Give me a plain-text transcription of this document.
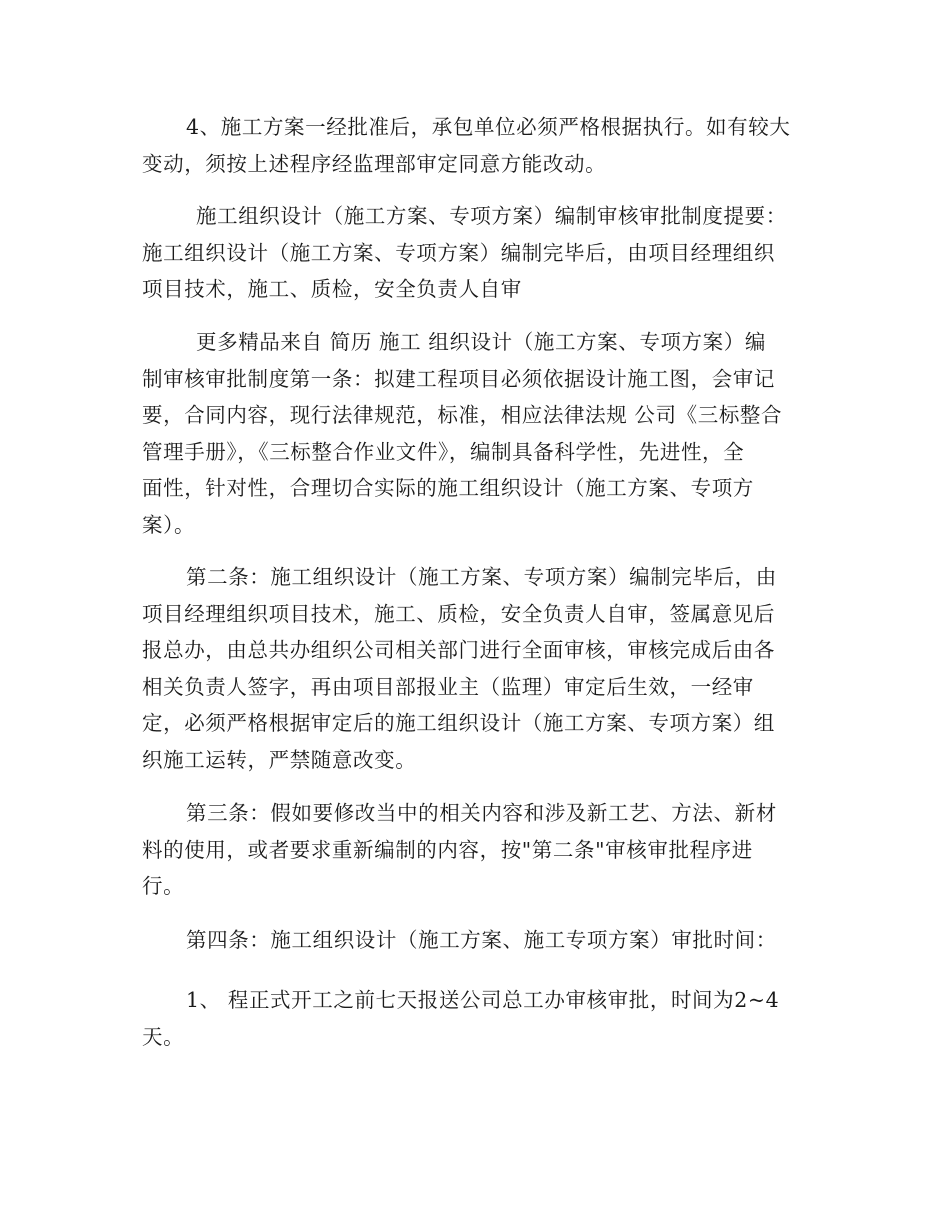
4、施工方案一经批准后，承包单位必须严格根据执行。如有较大
变动，须按上述程序经监理部审定同意方能改动。
施工组织设计（施工方案、专项方案）编制审核审批制度提要：
施工组织设计（施工方案、专项方案）编制完毕后，由项目经理组织
项目技术，施工、质检，安全负责人自审
更多精品来自 简历 施工 组织设计（施工方案、专项方案）编
制审核审批制度第一条：拟建工程项目必须依据设计施工图，会审记
要，合同内容，现行法律规范，标准，相应法律法规 公司《三标整合
管理手册》，《三标整合作业文件》，编制具备科学性，先进性，全
面性，针对性，合理切合实际的施工组织设计（施工方案、专项方
案）。
第二条：施工组织设计（施工方案、专项方案）编制完毕后，由
项目经理组织项目技术，施工、质检，安全负责人自审，签属意见后
报总办，由总共办组织公司相关部门进行全面审核，审核完成后由各
相关负责人签字，再由项目部报业主（监理）审定后生效，一经审
定，必须严格根据审定后的施工组织设计（施工方案、专项方案）组
织施工运转，严禁随意改变。
第三条：假如要修改当中的相关内容和涉及新工艺、方法、新材
料的使用，或者要求重新编制的内容，按"第二条"审核审批程序进
行。
第四条：施工组织设计（施工方案、施工专项方案）审批时间：
1、 程正式开工之前七天报送公司总工办审核审批，时间为2~4
天。
